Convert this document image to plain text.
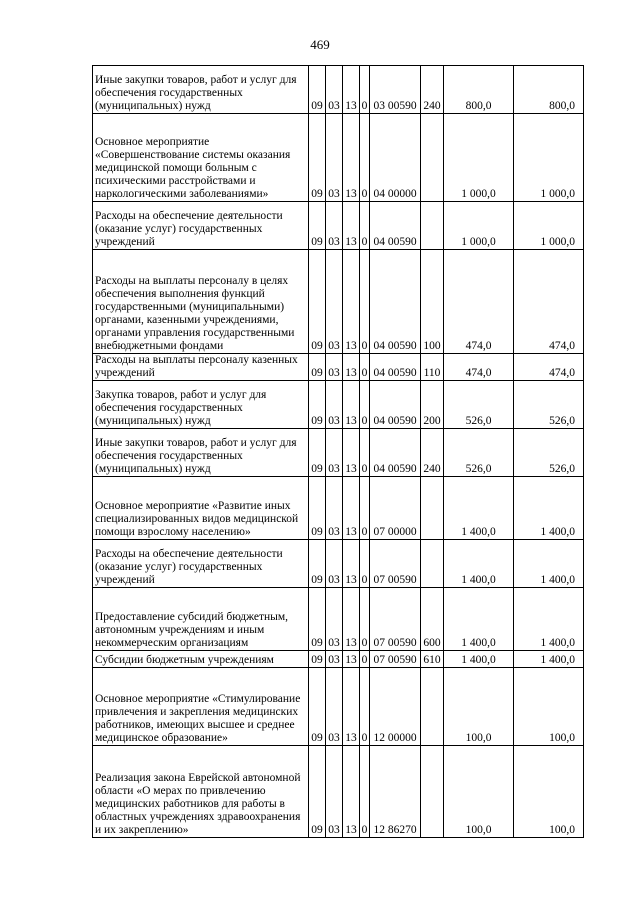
469
Иные закупки товаров, работ и услуг для обеспечения государственных (муниципальных) нужд	09	03	13	0	03 00590	240	800,0	800,0
Основное мероприятие «Совершенствование системы оказания медицинской помощи больным с психическими расстройствами и наркологическими заболеваниями»	09	03	13	0	04 00000		1 000,0	1 000,0
Расходы на обеспечение деятельности (оказание услуг) государственных учреждений	09	03	13	0	04 00590		1 000,0	1 000,0
Расходы на выплаты персоналу в целях обеспечения выполнения функций государственными (муниципальными) органами, казенными учреждениями, органами управления государственными внебюджетными фондами	09	03	13	0	04 00590	100	474,0	474,0
Расходы на выплаты персоналу казенных учреждений	09	03	13	0	04 00590	110	474,0	474,0
Закупка товаров, работ и услуг для обеспечения государственных (муниципальных) нужд	09	03	13	0	04 00590	200	526,0	526,0
Иные закупки товаров, работ и услуг для обеспечения государственных (муниципальных) нужд	09	03	13	0	04 00590	240	526,0	526,0
Основное мероприятие «Развитие иных специализированных видов медицинской помощи взрослому населению»	09	03	13	0	07 00000		1 400,0	1 400,0
Расходы на обеспечение деятельности (оказание услуг) государственных учреждений	09	03	13	0	07 00590		1 400,0	1 400,0
Предоставление субсидий бюджетным, автономным учреждениям и иным некоммерческим организациям	09	03	13	0	07 00590	600	1 400,0	1 400,0
Субсидии бюджетным учреждениям	09	03	13	0	07 00590	610	1 400,0	1 400,0
Основное мероприятие «Стимулирование привлечения и закрепления медицинских работников, имеющих высшее и среднее медицинское образование»	09	03	13	0	12 00000		100,0	100,0
Реализация закона Еврейской автономной области «О мерах по привлечению медицинских работников для работы в областных учреждениях здравоохранения и их закреплению»	09	03	13	0	12 86270		100,0	100,0
